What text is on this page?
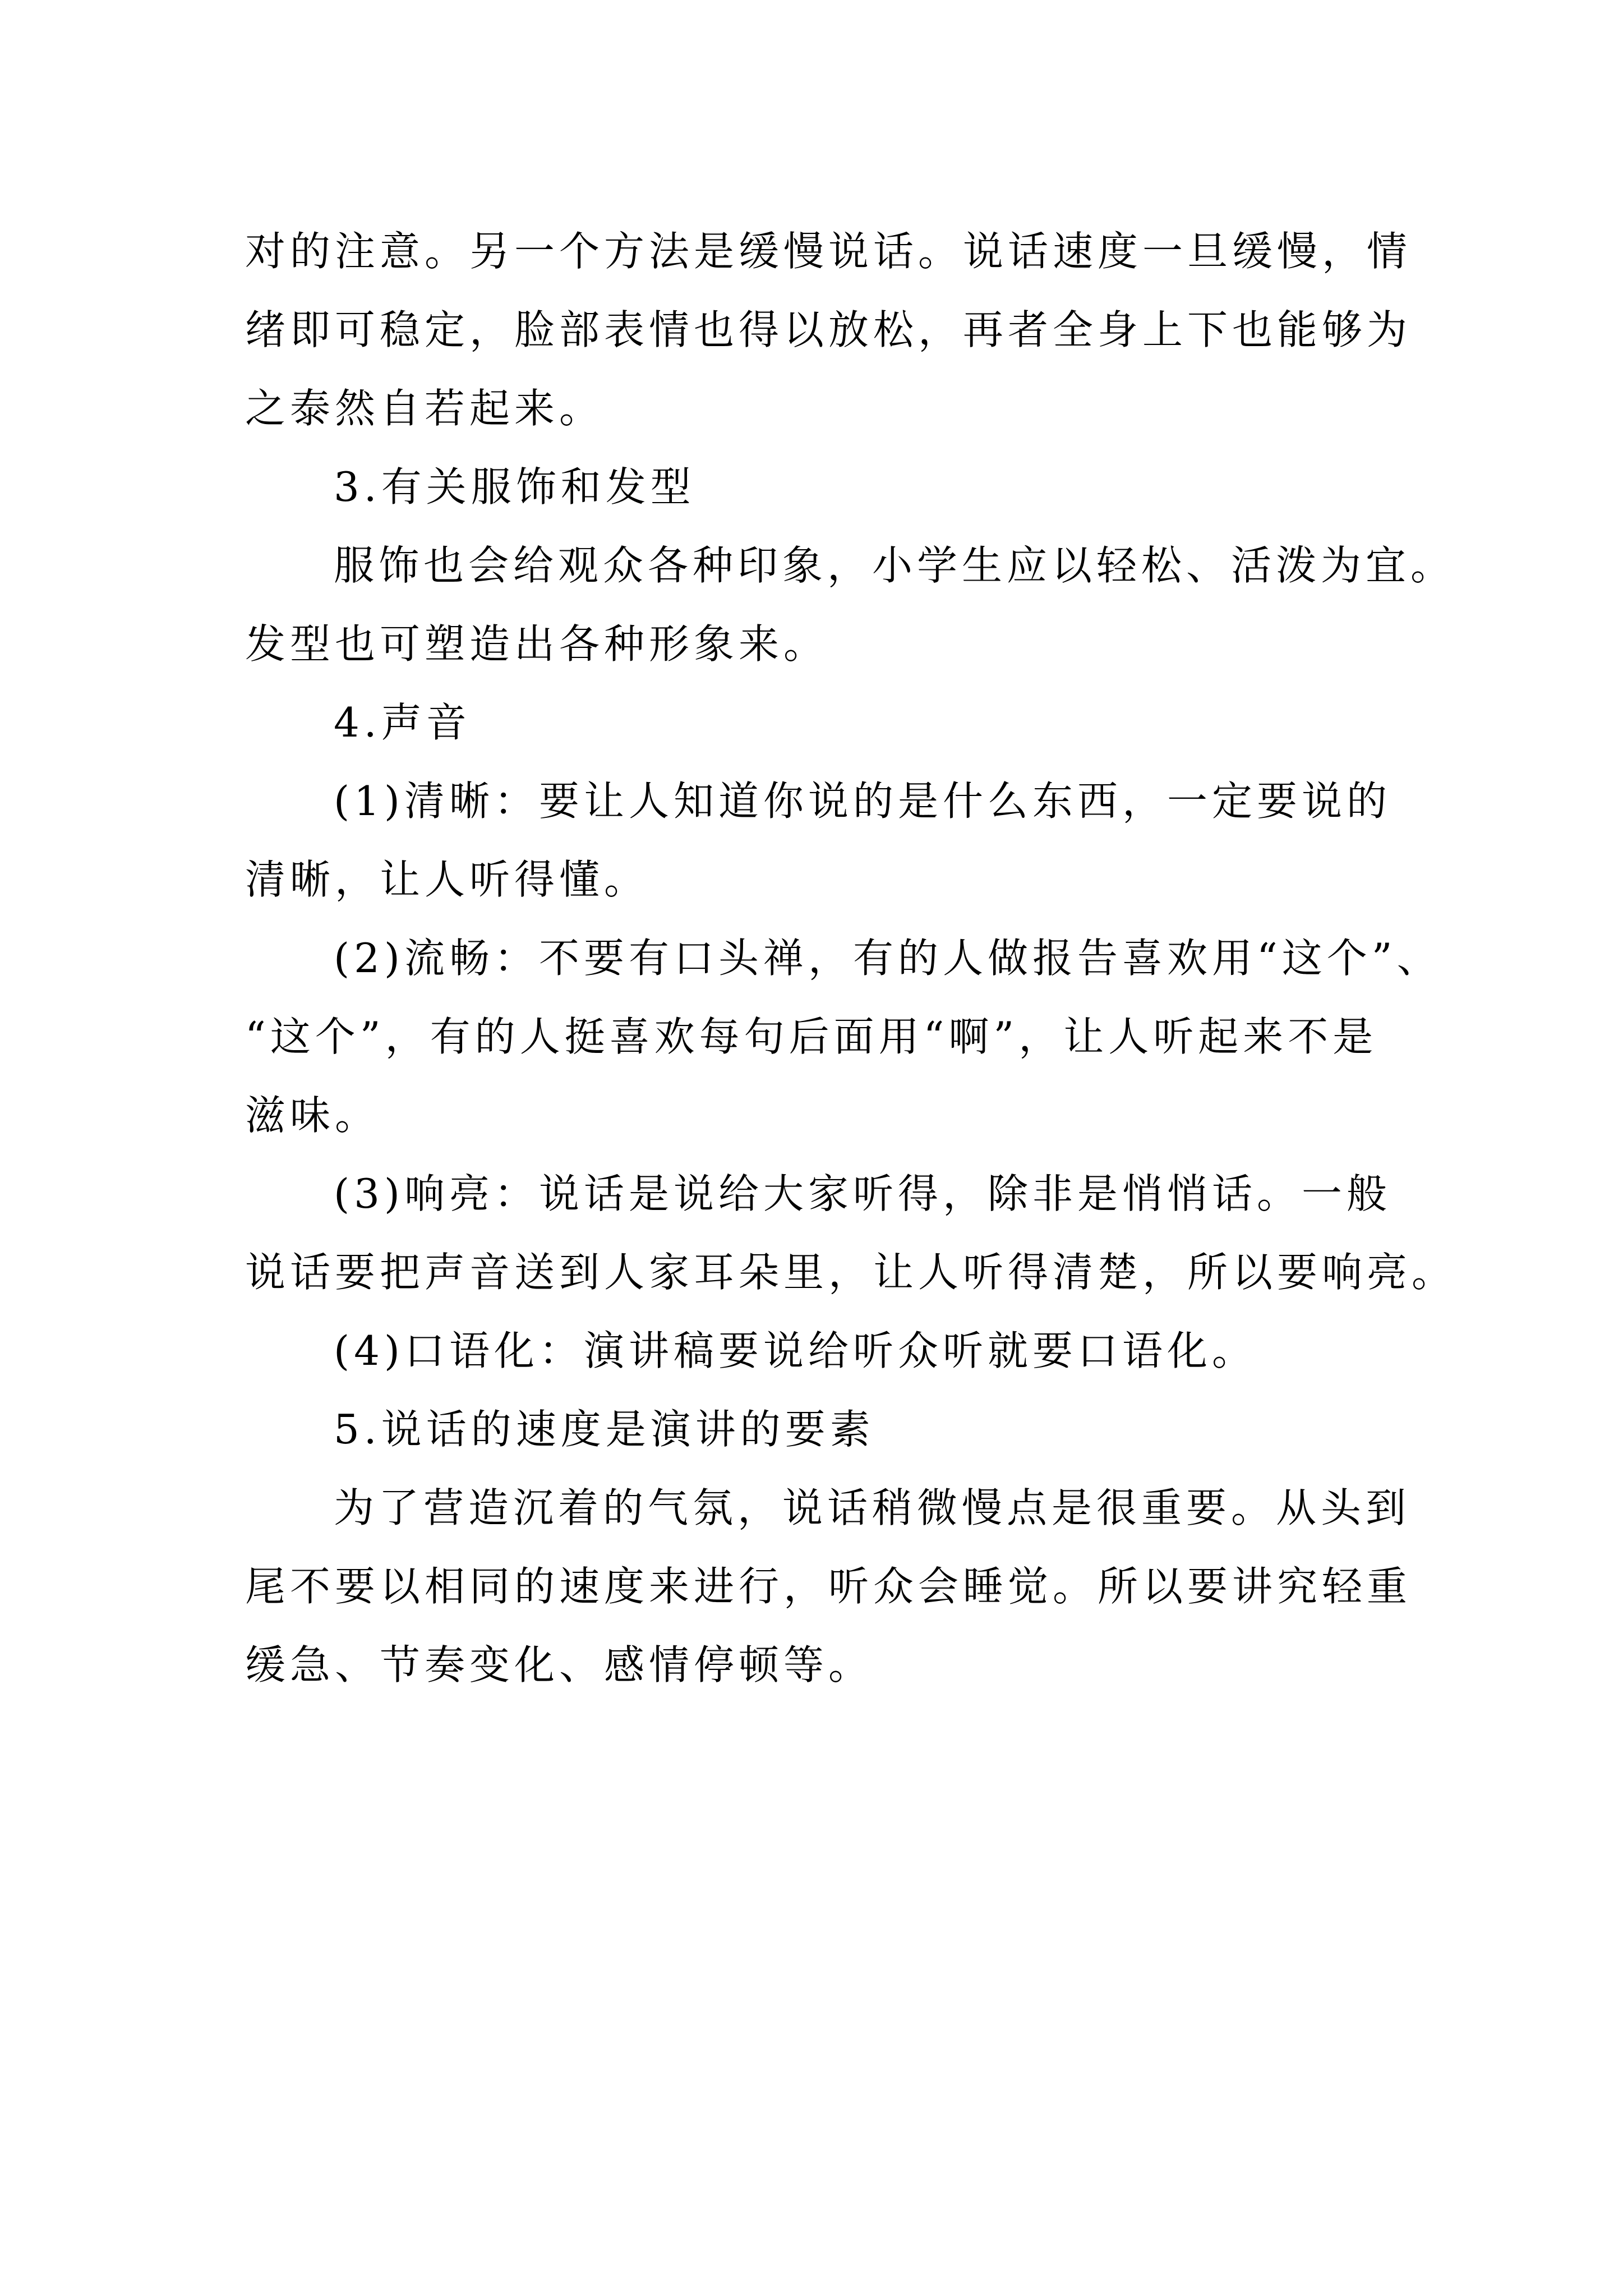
对的注意。另一个方法是缓慢说话。说话速度一旦缓慢，情
绪即可稳定，脸部表情也得以放松，再者全身上下也能够为
之泰然自若起来。
3.有关服饰和发型
服饰也会给观众各种印象，小学生应以轻松、活泼为宜。
发型也可塑造出各种形象来。
4.声音
(1)清晰：要让人知道你说的是什么东西，一定要说的
清晰，让人听得懂。
(2)流畅：不要有口头禅，有的人做报告喜欢用“这个”、
“这个”，有的人挺喜欢每句后面用“啊”，让人听起来不是
滋味。
(3)响亮：说话是说给大家听得，除非是悄悄话。一般
说话要把声音送到人家耳朵里，让人听得清楚，所以要响亮。
(4)口语化：演讲稿要说给听众听就要口语化。
5.说话的速度是演讲的要素
为了营造沉着的气氛，说话稍微慢点是很重要。从头到
尾不要以相同的速度来进行，听众会睡觉。所以要讲究轻重
缓急、节奏变化、感情停顿等。
